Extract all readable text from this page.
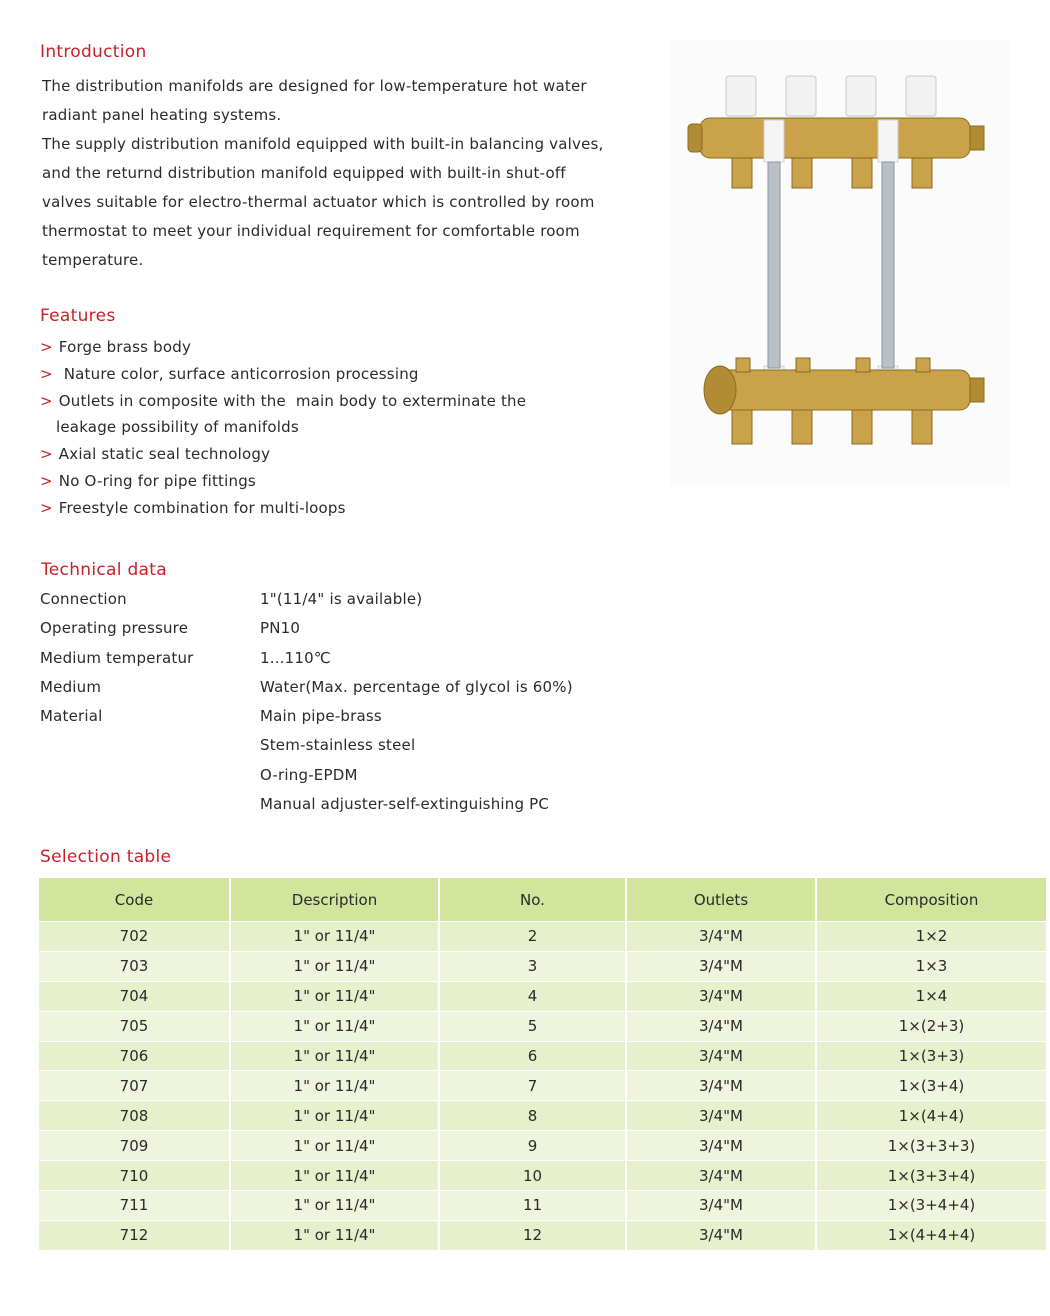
Introduction

The distribution manifolds are designed for low-temperature hot water radiant panel heating systems.

The supply distribution manifold equipped with built-in balancing valves, and the returnd distribution manifold equipped with built-in shut-off valves suitable for electro-thermal actuator which is controlled by room thermostat to meet your individual requirement for comfortable room temperature.

Features
> Forge brass body
> Nature color, surface anticorrosion processing
> Outlets in composite with the  main body to exterminate the
leakage possibility of manifolds
> Axial static seal technology
> No O-ring for pipe fittings
> Freestyle combination for multi-loops
Technical data
Connection	1"(11/4" is available)
Operating pressure	PN10
Medium temperatur	1...110℃
Medium	Water(Max. percentage of glycol is 60%)
Material	Main pipe-brass
Stem-stainless steel
O-ring-EPDM
Manual adjuster-self-extinguishing PC
Selection table
Code	Description	No.	Outlets	Composition
702	1" or 11/4"	2	3/4"M	1×2
703	1" or 11/4"	3	3/4"M	1×3
704	1" or 11/4"	4	3/4"M	1×4
705	1" or 11/4"	5	3/4"M	1×(2+3)
706	1" or 11/4"	6	3/4"M	1×(3+3)
707	1" or 11/4"	7	3/4"M	1×(3+4)
708	1" or 11/4"	8	3/4"M	1×(4+4)
709	1" or 11/4"	9	3/4"M	1×(3+3+3)
710	1" or 11/4"	10	3/4"M	1×(3+3+4)
711	1" or 11/4"	11	3/4"M	1×(3+4+4)
712	1" or 11/4"	12	3/4"M	1×(4+4+4)
